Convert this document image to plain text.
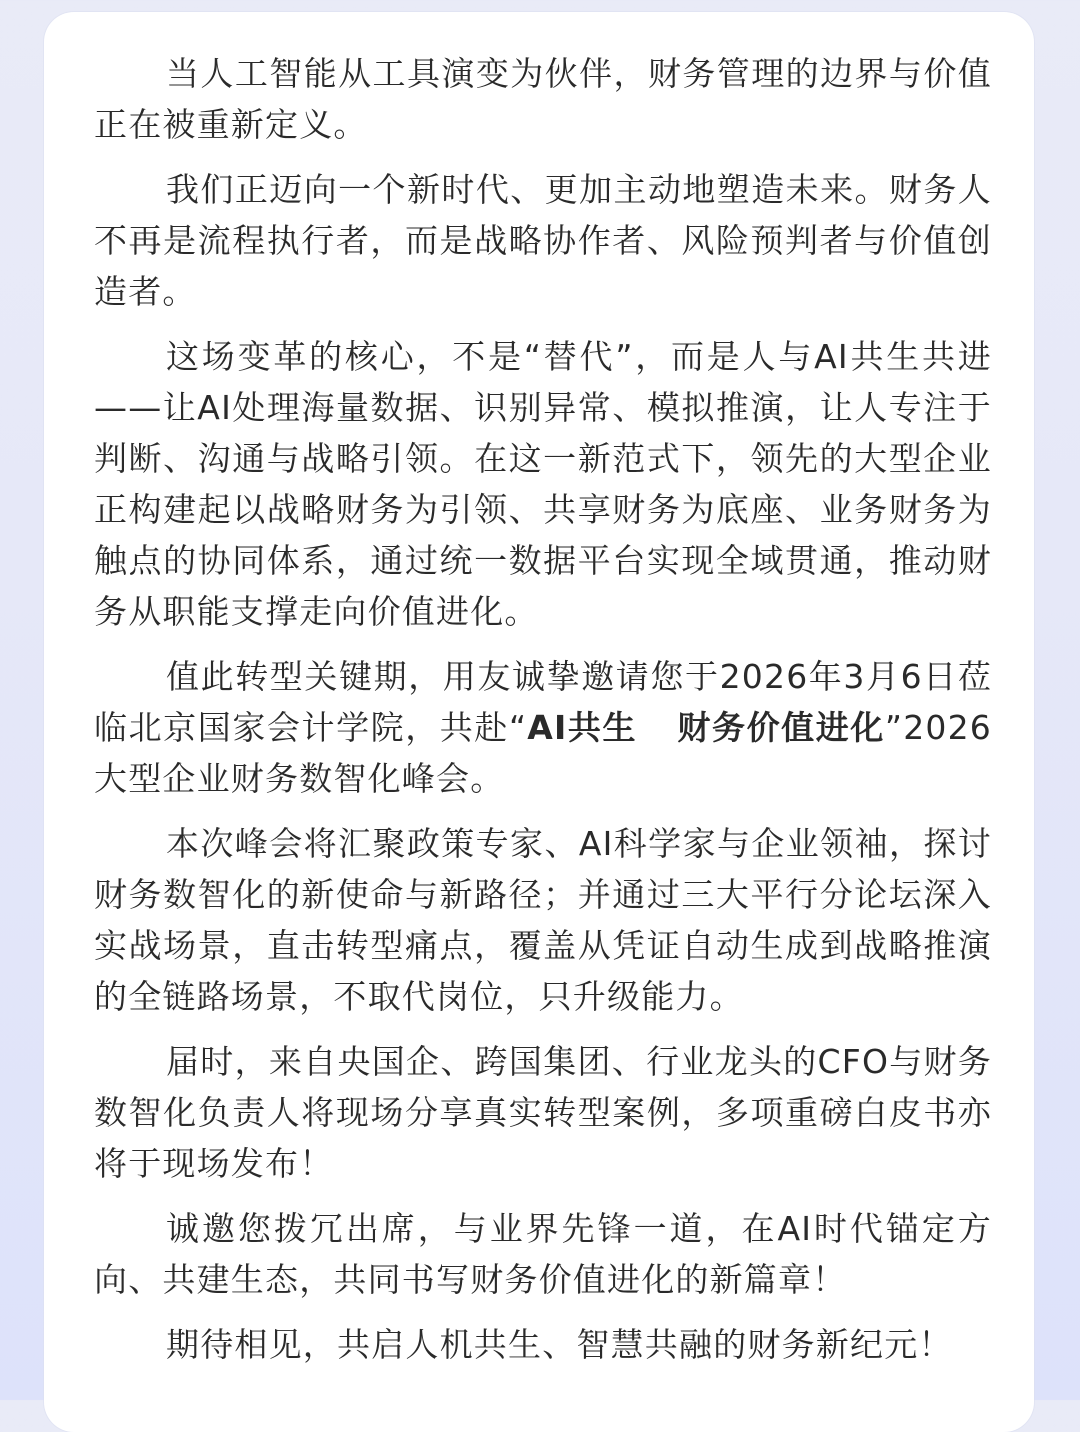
当人工智能从工具演变为伙伴，财务管理的边界与价值正在被重新定义。

我们正迈向一个新时代、更加主动地塑造未来。财务人不再是流程执行者，而是战略协作者、风险预判者与价值创造者。

这场变革的核心，不是“替代”，而是人与AI共生共进——让AI处理海量数据、识别异常、模拟推演，让人专注于判断、沟通与战略引领。在这一新范式下，领先的大型企业正构建起以战略财务为引领、共享财务为底座、业务财务为触点的协同体系，通过统一数据平台实现全域贯通，推动财务从职能支撑走向价值进化。

值此转型关键期，用友诚挚邀请您于2026年3月6日莅临北京国家会计学院，共赴“AI共生 财务价值进化”2026大型企业财务数智化峰会。

本次峰会将汇聚政策专家、AI科学家与企业领袖，探讨财务数智化的新使命与新路径；并通过三大平行分论坛深入实战场景，直击转型痛点，覆盖从凭证自动生成到战略推演的全链路场景，不取代岗位，只升级能力。

届时，来自央国企、跨国集团、行业龙头的CFO与财务数智化负责人将现场分享真实转型案例，多项重磅白皮书亦将于现场发布！

诚邀您拨冗出席，与业界先锋一道，在AI时代锚定方向、共建生态，共同书写财务价值进化的新篇章！

期待相见，共启人机共生、智慧共融的财务新纪元！
